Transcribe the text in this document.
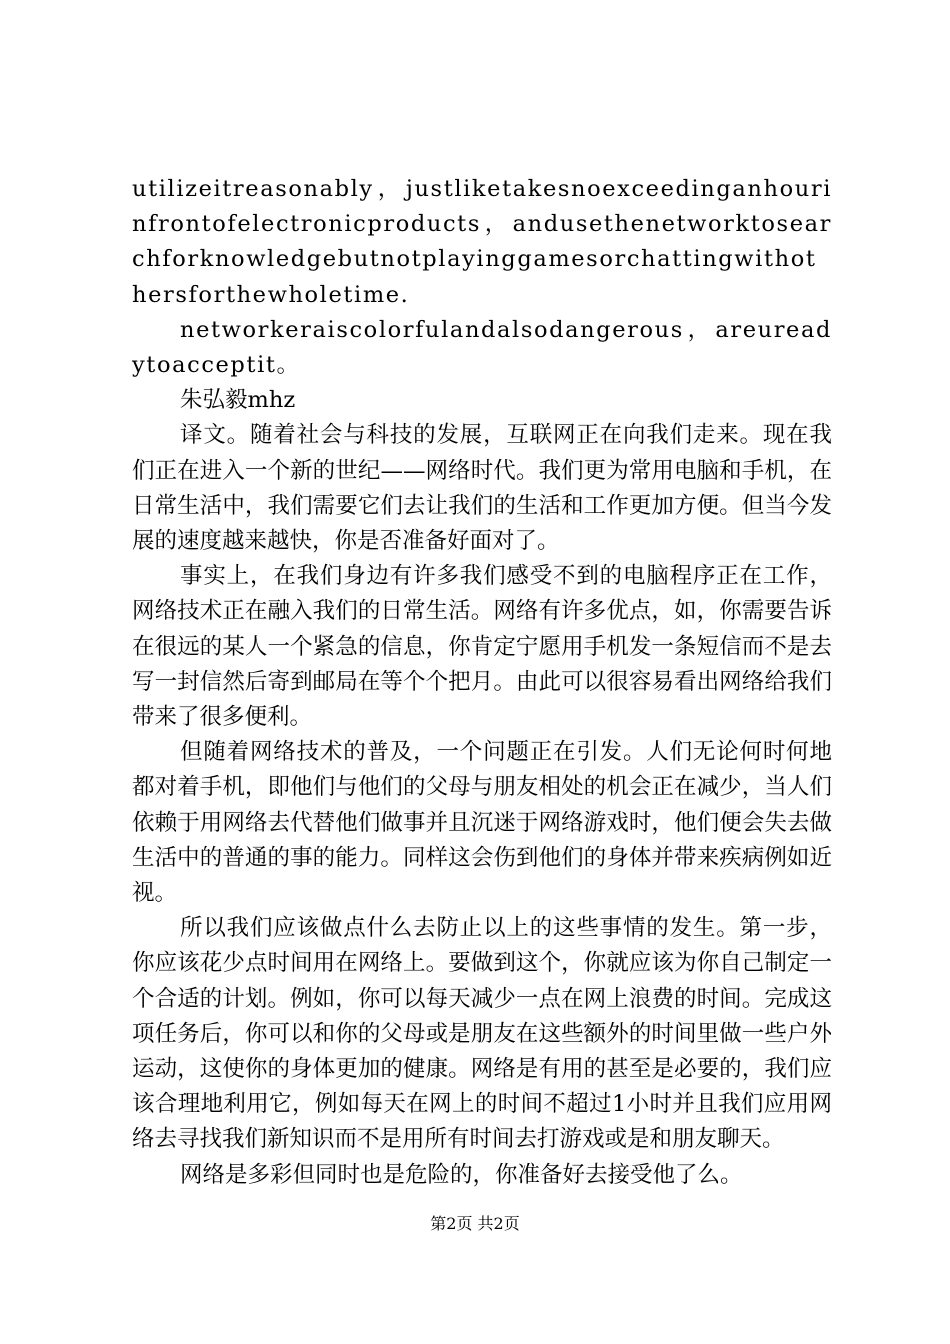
utilizeitreasonably，justliketakesnoexceedinganhourinfrontofelectronicproducts，andusethenetworktosearchforknowledgebutnotplayinggamesorchattingwithothersforthewholetime.

networkeraiscolorfulandalsodangerous，areureadytoacceptit。

朱弘毅mhz

译文。随着社会与科技的发展，互联网正在向我们走来。现在我们正在进入一个新的世纪——网络时代。我们更为常用电脑和手机，在日常生活中，我们需要它们去让我们的生活和工作更加方便。但当今发展的速度越来越快，你是否准备好面对了。

事实上，在我们身边有许多我们感受不到的电脑程序正在工作，网络技术正在融入我们的日常生活。网络有许多优点，如，你需要告诉在很远的某人一个紧急的信息，你肯定宁愿用手机发一条短信而不是去写一封信然后寄到邮局在等个个把月。由此可以很容易看出网络给我们带来了很多便利。

但随着网络技术的普及，一个问题正在引发。人们无论何时何地都对着手机，即他们与他们的父母与朋友相处的机会正在减少，当人们依赖于用网络去代替他们做事并且沉迷于网络游戏时，他们便会失去做生活中的普通的事的能力。同样这会伤到他们的身体并带来疾病例如近视。

所以我们应该做点什么去防止以上的这些事情的发生。第一步，你应该花少点时间用在网络上。要做到这个，你就应该为你自己制定一个合适的计划。例如，你可以每天减少一点在网上浪费的时间。完成这项任务后，你可以和你的父母或是朋友在这些额外的时间里做一些户外运动，这使你的身体更加的健康。网络是有用的甚至是必要的，我们应该合理地利用它，例如每天在网上的时间不超过1小时并且我们应用网络去寻找我们新知识而不是用所有时间去打游戏或是和朋友聊天。

网络是多彩但同时也是危险的，你准备好去接受他了么。

第2页 共2页
